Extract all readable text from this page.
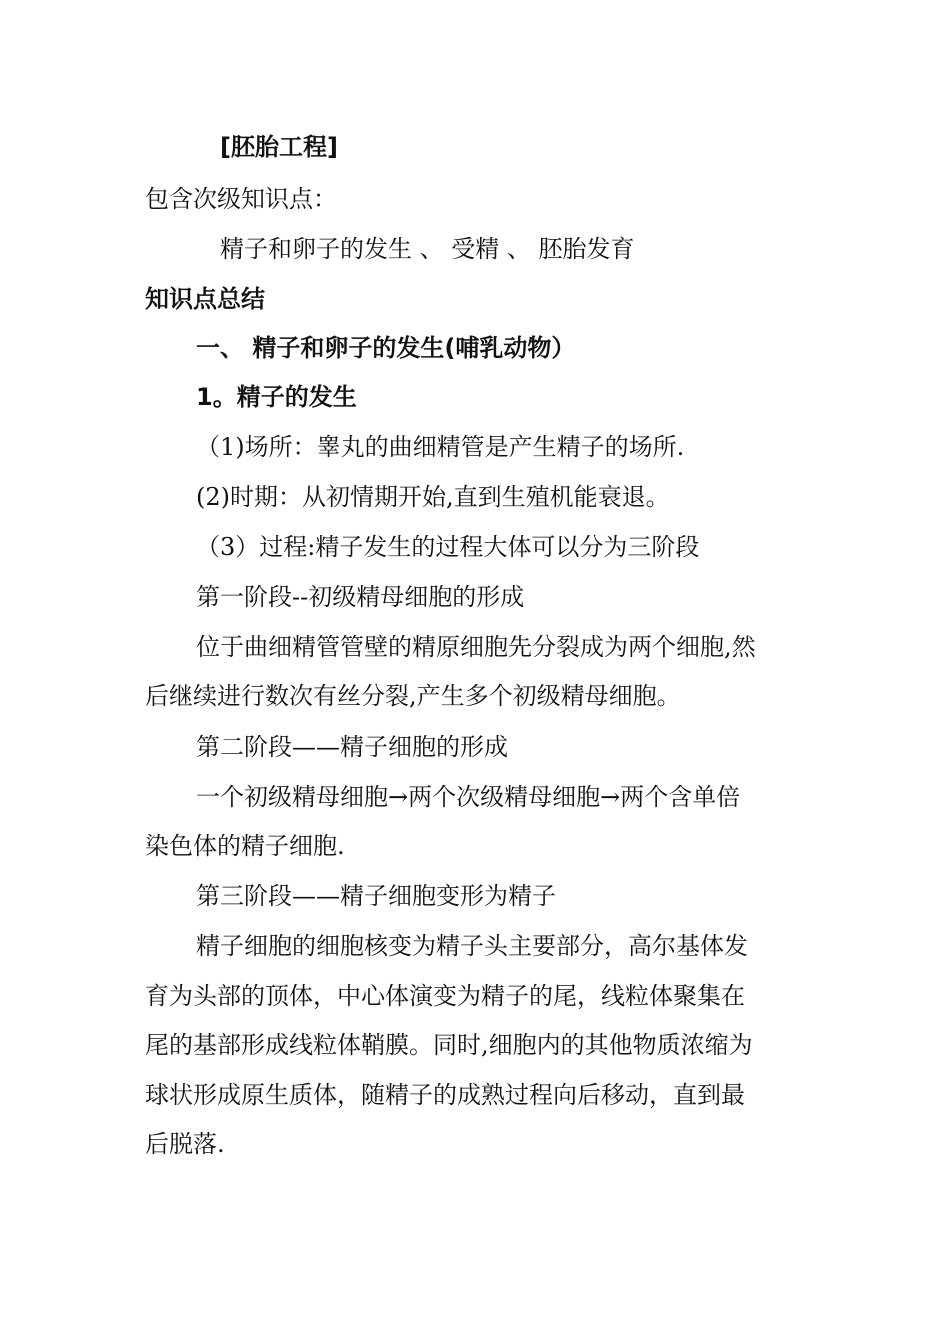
[胚胎工程]
包含次级知识点：
精子和卵子的发生 、 受精 、 胚胎发育
知识点总结
一、 精子和卵子的发生(哺乳动物）
1。精子的发生
（1)场所：睾丸的曲细精管是产生精子的场所.
(2)时期：从初情期开始,直到生殖机能衰退。
（3）过程:精子发生的过程大体可以分为三阶段
第一阶段--初级精母细胞的形成
位于曲细精管管壁的精原细胞先分裂成为两个细胞,然
后继续进行数次有丝分裂,产生多个初级精母细胞。
第二阶段——精子细胞的形成
一个初级精母细胞→两个次级精母细胞→两个含单倍
染色体的精子细胞.
第三阶段——精子细胞变形为精子
精子细胞的细胞核变为精子头主要部分，高尔基体发
育为头部的顶体，中心体演变为精子的尾，线粒体聚集在
尾的基部形成线粒体鞘膜。同时,细胞内的其他物质浓缩为
球状形成原生质体，随精子的成熟过程向后移动，直到最
后脱落.
